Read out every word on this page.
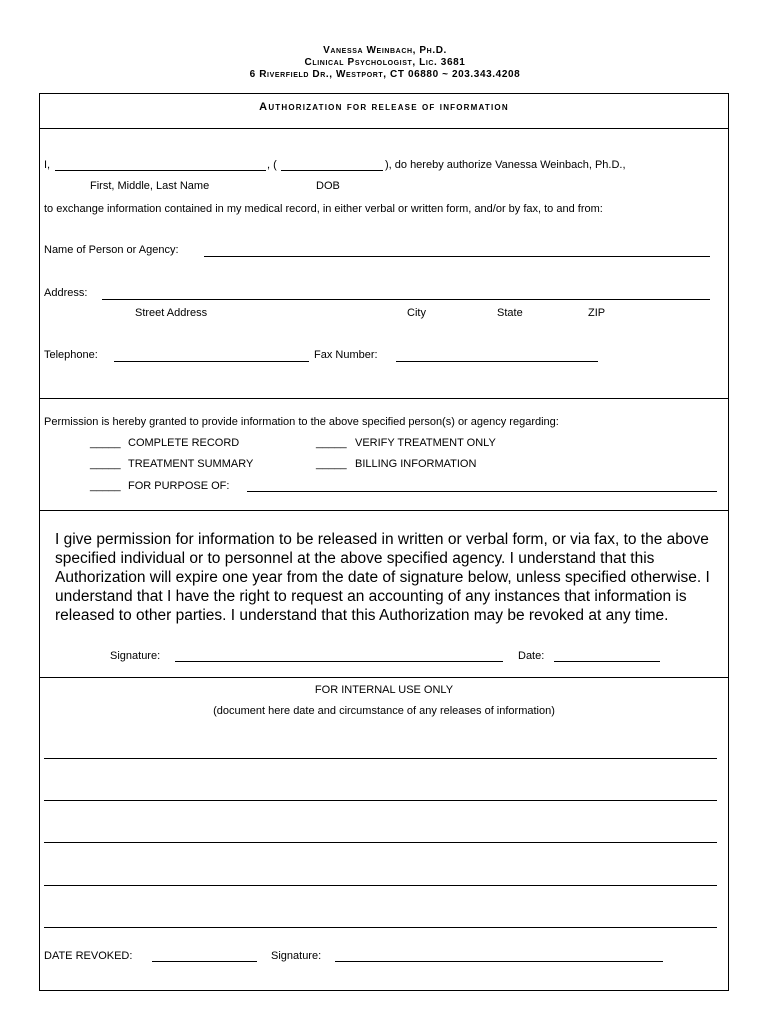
Vanessa Weinbach, Ph.D.
Clinical Psychologist, Lic. 3681
6 Riverfield Dr., Westport, CT 06880 ~ 203.343.4208
Authorization for release of information
I,	, (	), do hereby authorize Vanessa Weinbach, Ph.D.,
First, Middle, Last Name	DOB
to exchange information contained in my medical record, in either verbal or written form, and/or by fax, to and from:
Name of Person or Agency:
Address:
Street Address	City	State	ZIP
Telephone:	Fax Number:
Permission is hereby granted to provide information to the above specified person(s) or agency regarding:
_____ COMPLETE RECORD	_____ VERIFY TREATMENT ONLY
_____ TREATMENT SUMMARY	_____ BILLING INFORMATION
_____ FOR PURPOSE OF:
I give permission for information to be released in written or verbal form, or via fax, to the above specified individual or to personnel at the above specified agency. I understand that this Authorization will expire one year from the date of signature below, unless specified otherwise. I understand that I have the right to request an accounting of any instances that information is released to other parties. I understand that this Authorization may be revoked at any time.
Signature:	Date:
FOR INTERNAL USE ONLY
(document here date and circumstance of any releases of information)
DATE REVOKED:	Signature:
